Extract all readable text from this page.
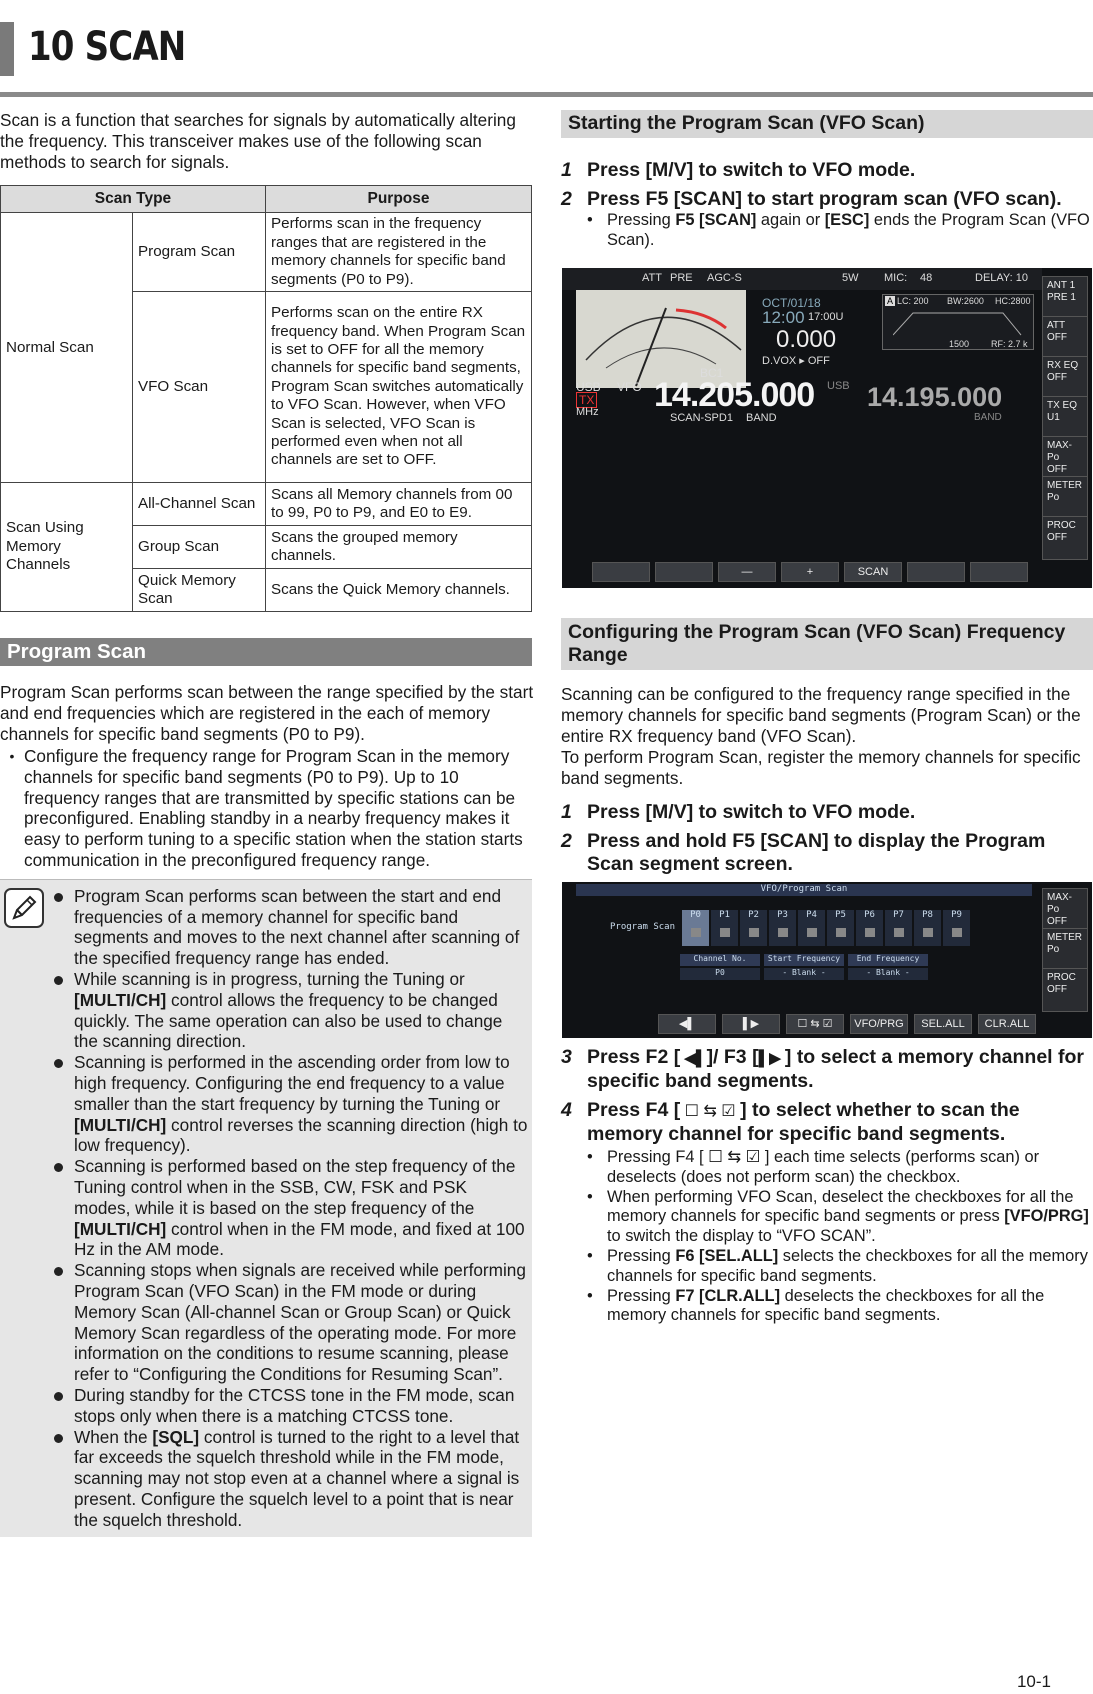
10 SCAN

Scan is a function that searches for signals by automatically altering the frequency. This transceiver makes use of the following scan methods to search for signals.

Scan Type		Purpose
Normal Scan	Program Scan	Performs scan in the frequency ranges that are registered in the memory channels for specific band segments (P0 to P9).
	VFO Scan	Performs scan on the entire RX frequency band. When Program Scan is set to OFF for all the memory channels for specific band segments, Program Scan switches automatically to VFO Scan. However, when VFO Scan is selected, VFO Scan is performed even when not all channels are set to OFF.
Scan Using Memory Channels	All-Channel Scan	Scans all Memory channels from 00 to 99, P0 to P9, and E0 to E9.
	Group Scan	Scans the grouped memory channels.
	Quick Memory Scan	Scans the Quick Memory channels.
Program Scan

Program Scan performs scan between the range specified by the start and end frequencies which are registered in the each of memory channels for specific band segments (P0 to P9).

• Configure the frequency range for Program Scan in the memory channels for specific band segments (P0 to P9). Up to 10 frequency ranges that are transmitted by specific stations can be preconfigured. Enabling standby in a nearby frequency makes it easy to perform tuning to a specific station when the station starts communication in the preconfigured frequency range.
Program Scan performs scan between the start and end frequencies of a memory channel for specific band segments and moves to the next channel after scanning of the specified frequency range has ended.
While scanning is in progress, turning the Tuning or [MULTI/CH] control allows the frequency to be changed quickly. The same operation can also be used to change the scanning direction.
Scanning is performed in the ascending order from low to high frequency. Configuring the end frequency to a value smaller than the start frequency by turning the Tuning or [MULTI/CH] control reverses the scanning direction (high to low frequency).
Scanning is performed based on the step frequency of the Tuning control when in the SSB, CW, FSK and PSK modes, while it is based on the step frequency of the [MULTI/CH] control when in the FM mode, and fixed at 100 Hz in the AM mode.
Scanning stops when signals are received while performing Program Scan (VFO Scan) in the FM mode or during Memory Scan (All-channel Scan or Group Scan) or Quick Memory Scan regardless of the operating mode. For more information on the conditions to resume scanning, please refer to “Configuring the Conditions for Resuming Scan”.
During standby for the CTCSS tone in the FM mode, scan stops only when there is a matching CTCSS tone.
When the [SQL] control is turned to the right to a level that far exceeds the squelch threshold while in the FM mode, scanning may not stop even at a channel where a signal is present. Configure the squelch level to a point that is near the squelch threshold.
Starting the Program Scan (VFO Scan)
1 Press [M/V] to switch to VFO mode.
2 Press F5 [SCAN] to start program scan (VFO scan).
• Pressing F5 [SCAN] again or [ESC] ends the Program Scan (VFO Scan).
ATT PRE AGC-S	5W MIC: 48	DELAY: 10
OCT/01/18
12:00 17:00U
0.000
D.VOX ▸ OFF
A LC: 200 BW:2600 HC:2800
1500 RF: 2.7 k
USB VFO
TX
MHz
BC1
14.205.000 USB 14.195.000
SCAN-SPD1 BAND	BAND
ANT 1
PRE 1
ATT
OFF
RX EQ
OFF
TX EQ
U1
MAX-Po
OFF
METER
Po
PROC
OFF
—	+	SCAN
Configuring the Program Scan (VFO Scan) Frequency Range

Scanning can be configured to the frequency range specified in the memory channels for specific band segments (Program Scan) or the entire RX frequency band (VFO Scan).

To perform Program Scan, register the memory channels for specific band segments.

1 Press [M/V] to switch to VFO mode.
2 Press and hold F5 [SCAN] to display the Program Scan segment screen.
VFO/Program Scan
Program Scan
P0	P1	P2	P3	P4	P5	P6	P7	P8	P9
Channel No.
P0
Start Frequency
- Blank -
End Frequency
- Blank -
MAX-Po
OFF
METER
Po
PROC
OFF
◀▌	▌▶	☐ ⇆ ☑	VFO/PRG	SEL.ALL	CLR.ALL
3 Press F2 [ ◀▌]/ F3 [▌▶ ] to select a memory channel for specific band segments.
4 Press F4 [ ☐ ⇆ ☑ ] to select whether to scan the memory channel for specific band segments.
• Pressing F4 [ ☐ ⇆ ☑ ] each time selects (performs scan) or deselects (does not perform scan) the checkbox.
• When performing VFO Scan, deselect the checkboxes for all the memory channels for specific band segments or press [VFO/PRG] to switch the display to “VFO SCAN”.
• Pressing F6 [SEL.ALL] selects the checkboxes for all the memory channels for specific band segments.
• Pressing F7 [CLR.ALL] deselects the checkboxes for all the memory channels for specific band segments.
10-1
